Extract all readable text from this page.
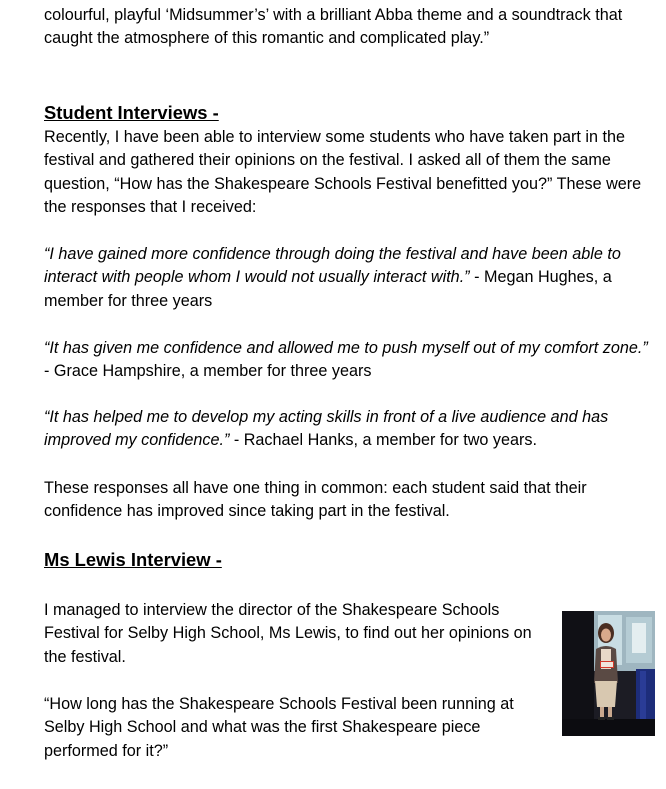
colourful, playful ‘Midsummer’s’ with a brilliant Abba theme and a soundtrack that caught the atmosphere of this romantic and complicated play.”

Student Interviews -

Recently, I have been able to interview some students who have taken part in the festival and gathered their opinions on the festival. I asked all of them the same question, “How has the Shakespeare Schools Festival benefitted you?” These were the responses that I received:

“I have gained more confidence through doing the festival and have been able to interact with people whom I would not usually interact with.” - Megan Hughes, a member for three years

“It has given me confidence and allowed me to push myself out of my comfort zone.” - Grace Hampshire, a member for three years

“It has helped me to develop my acting skills in front of a live audience and has improved my confidence.” - Rachael Hanks, a member for two years.

These responses all have one thing in common: each student said that their confidence has improved since taking part in the festival.

Ms Lewis Interview -

I managed to interview the director of the Shakespeare Schools Festival for Selby High School, Ms Lewis, to find out her opinions on the festival.

“How long has the Shakespeare Schools Festival been running at Selby High School and what was the first Shakespeare piece performed for it?”
